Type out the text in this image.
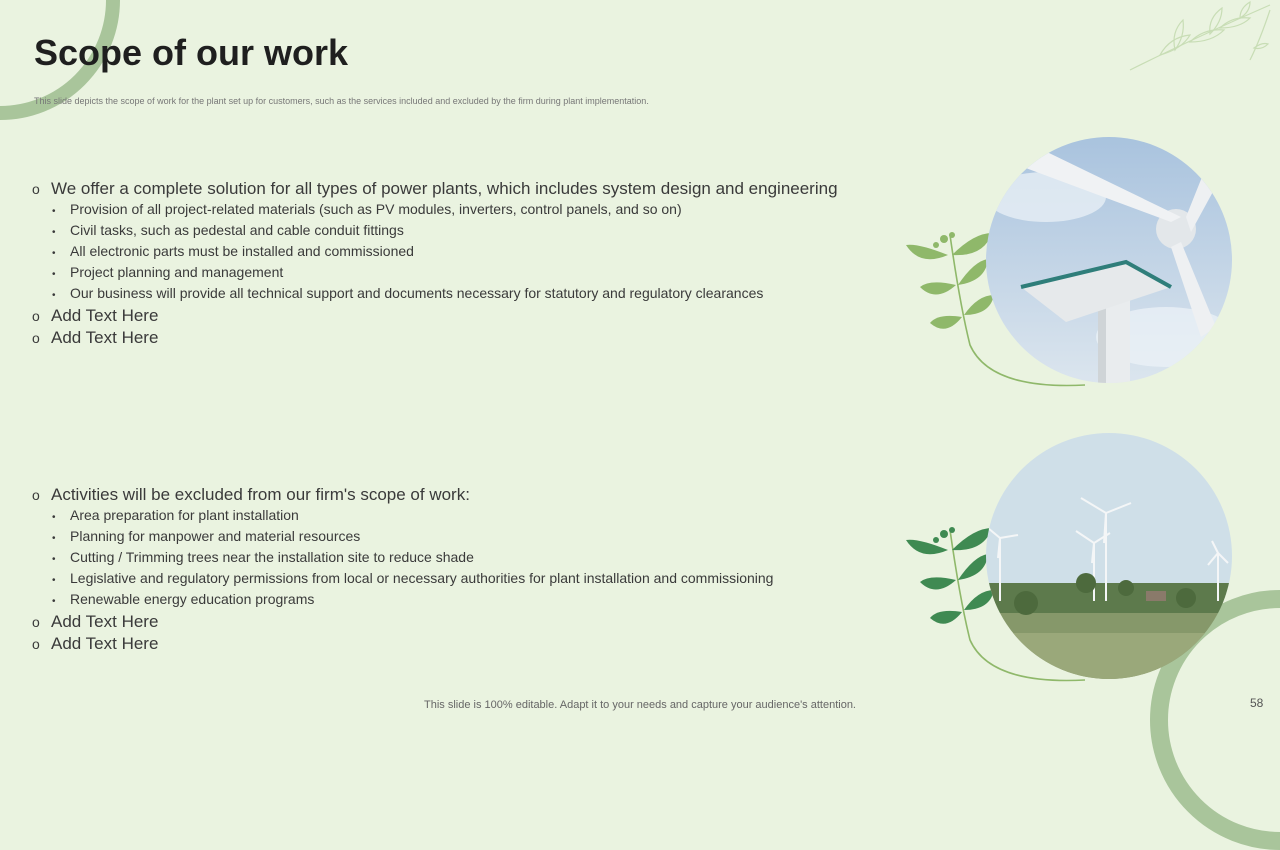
Scope of our work
This slide depicts the scope of work for the plant set up for customers, such as the services included and excluded by the firm during plant implementation.
o We offer a complete solution for all types of power plants, which includes system design and engineering
•	Provision of all project-related materials (such as PV modules, inverters, control panels, and so on)
•	Civil tasks, such as pedestal and cable conduit fittings
•	All electronic parts must be installed and commissioned
•	Project planning and management
•	Our business will provide all technical support and documents necessary for statutory and regulatory clearances
o Add Text Here
o Add Text Here
o Activities will be excluded from our firm's scope of work:
•	Area preparation for plant installation
•	Planning for manpower and material resources
•	Cutting / Trimming trees near the installation site to reduce shade
•	Legislative and regulatory permissions from local or necessary authorities for plant installation and commissioning
•	Renewable energy education programs
o Add Text Here
o Add Text Here
This slide is 100% editable. Adapt it to your needs and capture your audience's attention.	58
